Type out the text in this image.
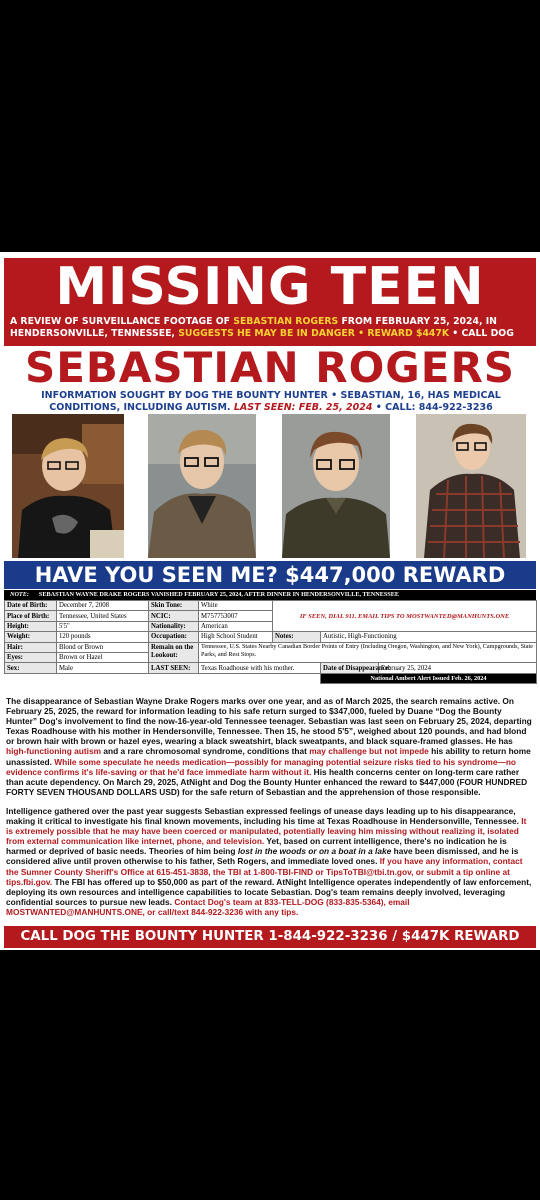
MISSING TEEN
A REVIEW OF SURVEILLANCE FOOTAGE OF SEBASTIAN ROGERS FROM FEBRUARY 25, 2024, IN HENDERSONVILLE, TENNESSEE, SUGGESTS HE MAY BE IN DANGER • REWARD $447K • CALL DOG
SEBASTIAN ROGERS
INFORMATION SOUGHT BY DOG THE BOUNTY HUNTER • SEBASTIAN, 16, HAS MEDICAL CONDITIONS, INCLUDING AUTISM. LAST SEEN: FEB. 25, 2024 • CALL: 844-922-3236
HAVE YOU SEEN ME? $447,000 REWARD
NOTE: SEBASTIAN WAYNE DRAKE ROGERS VANISHED FEBRUARY 25, 2024, AFTER DINNER IN HENDERSONVILLE, TENNESSEE
Date of Birth:	December 7, 2008	Skin Tone:	White	IF SEEN, DIAL 911. EMAIL TIPS TO MOSTWANTED@MANHUNTS.ONE		
Place of Birth:	Tennessee, United States	NCIC:	M757753007			
Height:	5'5"	Nationality:	American			
Weight:	120 pounds	Occupation:	High School Student	Notes:	Autistic, High-Functioning	
Hair:	Blond or Brown	Remain on the Lookout:	Tennessee, U.S. States Nearby Canadian Border Points of Entry (Including Oregon, Washington, and New York), Campgrounds, State Parks, and Rest Stops.			
Eyes:	Brown or Hazel					
Sex:	Male	LAST SEEN:	Texas Roadhouse with his mother.		Date of Disappearance:	February 25, 2024
					National Ambert Alert Issued Feb. 26, 2024	

The disappearance of Sebastian Wayne Drake Rogers marks over one year, and as of March 2025, the search remains active. On February 25, 2025, the reward for information leading to his safe return surged to $347,000, fueled by Duane “Dog the Bounty Hunter” Dog's involvement to find the now-16-year-old Tennessee teenager. Sebastian was last seen on February 25, 2024, departing Texas Roadhouse with his mother in Hendersonville, Tennessee. Then 15, he stood 5'5”, weighed about 120 pounds, and had blond or brown hair with brown or hazel eyes, wearing a black sweatshirt, black sweatpants, and black square-framed glasses. He has high-functioning autism and a rare chromosomal syndrome, conditions that may challenge but not impede his ability to return home unassisted. While some speculate he needs medication—possibly for managing potential seizure risks tied to his syndrome—no evidence confirms it's life-saving or that he'd face immediate harm without it. His health concerns center on long-term care rather than acute dependency. On March 29, 2025, AtNight and Dog the Bounty Hunter enhanced the reward to $447,000 (FOUR HUNDRED FORTY SEVEN THOUSAND DOLLARS USD) for the safe return of Sebastian and the apprehension of those responsible.

Intelligence gathered over the past year suggests Sebastian expressed feelings of unease days leading up to his disappearance, making it critical to investigate his final known movements, including his time at Texas Roadhouse in Hendersonville, Tennessee. It is extremely possible that he may have been coerced or manipulated, potentially leaving him missing without realizing it, isolated from external communication like internet, phone, and television. Yet, based on current intelligence, there's no indication he is harmed or deprived of basic needs. Theories of him being lost in the woods or on a boat in a lake have been dismissed, and he is considered alive until proven otherwise to his father, Seth Rogers, and immediate loved ones. If you have any information, contact the Sumner County Sheriff's Office at 615-451-3838, the TBI at 1-800-TBI-FIND or TipsToTBI@tbi.tn.gov, or submit a tip online at tips.fbi.gov. The FBI has offered up to $50,000 as part of the reward. AtNight Intelligence operates independently of law enforcement, deploying its own resources and intelligence capabilities to locate Sebastian. Dog's team remains deeply involved, leveraging confidential sources to pursue new leads. Contact Dog's team at 833-TELL-DOG (833-835-5364), email MOSTWANTED@MANHUNTS.ONE, or call/text 844-922-3236 with any tips.

CALL DOG THE BOUNTY HUNTER 1-844-922-3236 / $447K REWARD
